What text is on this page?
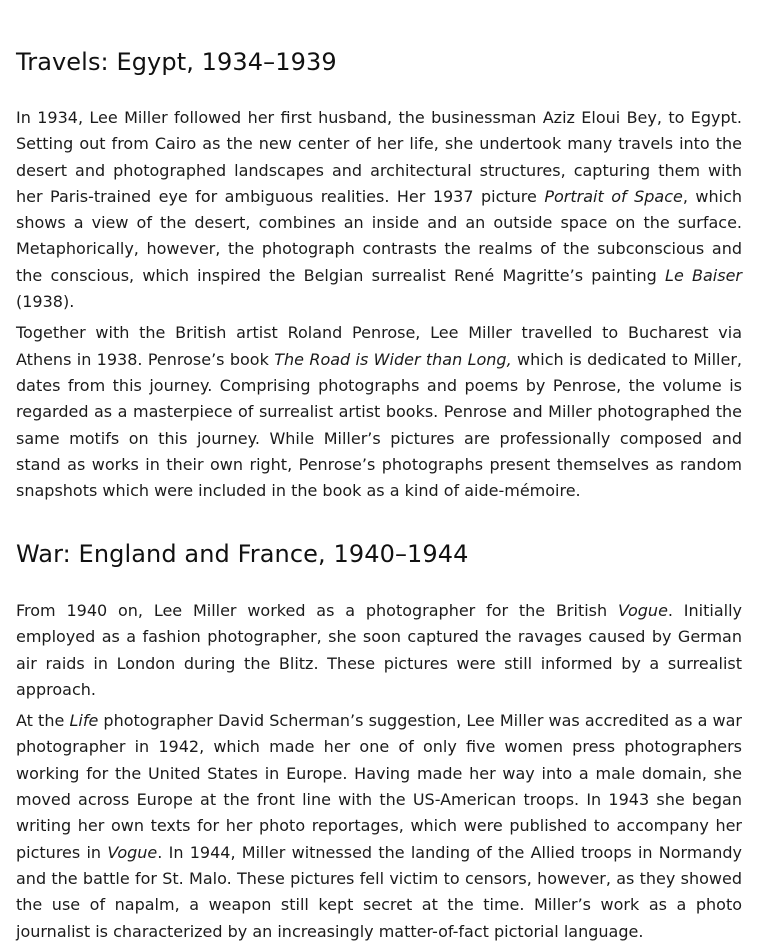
Travels: Egypt, 1934–1939

In 1934, Lee Miller followed her first husband, the businessman Aziz Eloui Bey, to Egypt. Setting out from Cairo as the new center of her life, she undertook many travels into the desert and photographed landscapes and architectural structures, capturing them with her Paris-trained eye for ambiguous realities. Her 1937 picture Portrait of Space, which shows a view of the desert, combines an inside and an outside space on the surface. Metaphorically, however, the photograph contrasts the realms of the subconscious and the conscious, which inspired the Belgian surrealist René Magritte’s painting Le Baiser (1938).

Together with the British artist Roland Penrose, Lee Miller travelled to Bucharest via Athens in 1938. Penrose’s book The Road is Wider than Long, which is dedicated to Miller, dates from this journey. Comprising photographs and poems by Penrose, the volume is regarded as a masterpiece of surrealist artist books. Penrose and Miller photographed the same motifs on this journey. While Miller’s pictures are professionally composed and stand as works in their own right, Penrose’s photographs present themselves as random snapshots which were included in the book as a kind of aide-mémoire.

War: England and France, 1940–1944

From 1940 on, Lee Miller worked as a photographer for the British Vogue. Initially employed as a fashion photographer, she soon captured the ravages caused by German air raids in London during the Blitz. These pictures were still informed by a surrealist approach.

At the Life photographer David Scherman’s suggestion, Lee Miller was accredited as a war photographer in 1942, which made her one of only five women press photographers working for the United States in Europe. Having made her way into a male domain, she moved across Europe at the front line with the US-American troops. In 1943 she began writing her own texts for her photo reportages, which were published to accompany her pictures in Vogue. In 1944, Miller witnessed the landing of the Allied troops in Normandy and the battle for St. Malo. These pictures fell victim to censors, however, as they showed the use of napalm, a weapon still kept secret at the time. Miller’s work as a photo journalist is characterized by an increasingly matter-of-fact pictorial language.
